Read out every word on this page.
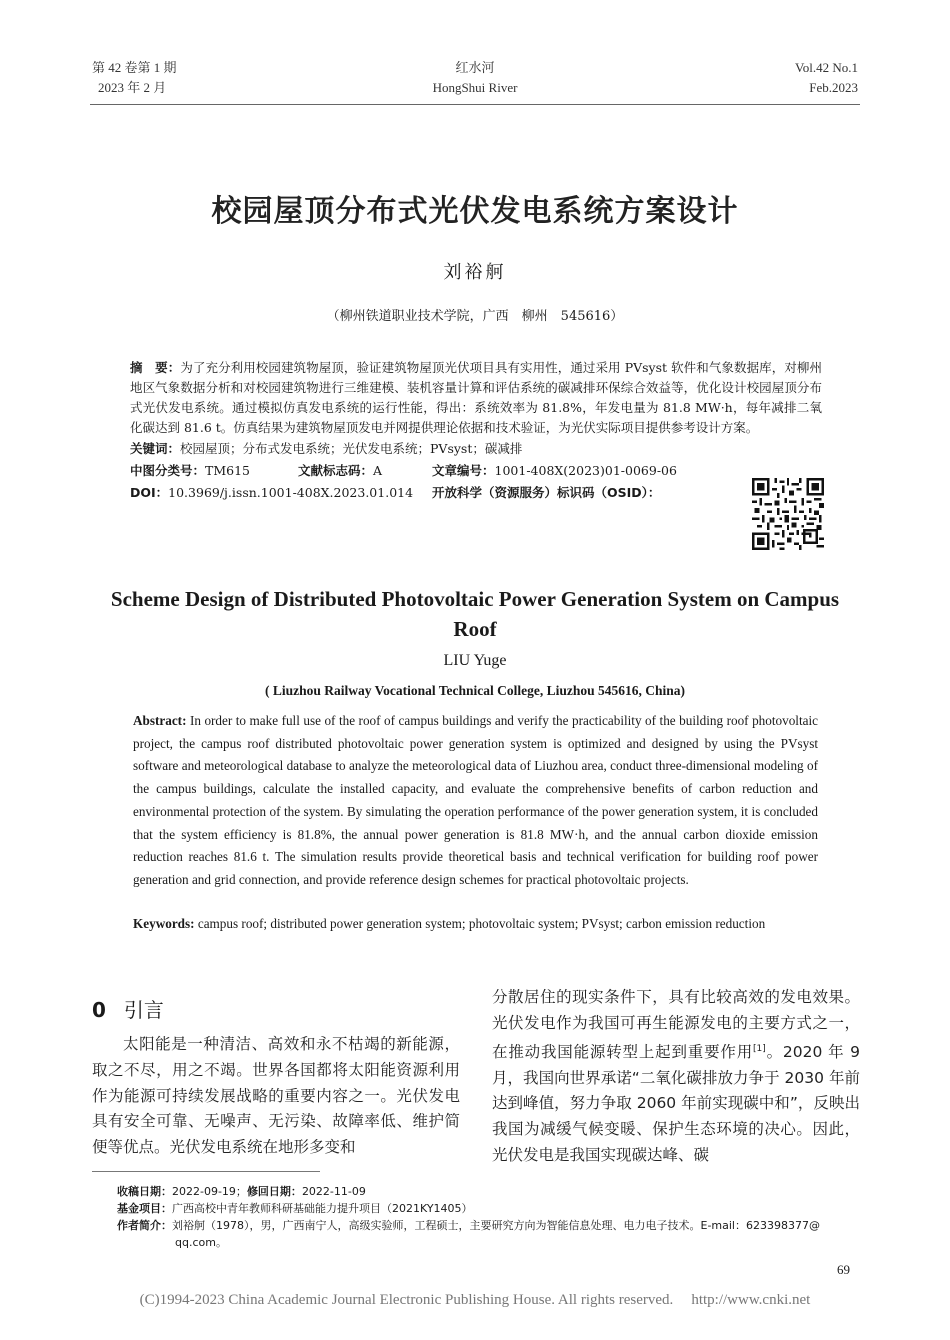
第 42 卷第 1 期
2023 年 2 月
红水河
HongShui River
Vol.42 No.1
Feb.2023
校园屋顶分布式光伏发电系统方案设计
刘裕舸
（柳州铁道职业技术学院，广西　柳州　545616）
摘　要：为了充分利用校园建筑物屋顶，验证建筑物屋顶光伏项目具有实用性，通过采用 PVsyst 软件和气象数据库，对柳州地区气象数据分析和对校园建筑物进行三维建模、装机容量计算和评估系统的碳减排环保综合效益等，优化设计校园屋顶分布式光伏发电系统。通过模拟仿真发电系统的运行性能，得出：系统效率为 81.8%，年发电量为 81.8 MW·h，每年减排二氧化碳达到 81.6 t。仿真结果为建筑物屋顶发电并网提供理论依据和技术验证，为光伏实际项目提供参考设计方案。
关键词：校园屋顶；分布式发电系统；光伏发电系统；PVsyst；碳减排
中图分类号：TM615	文献标志码：A	文章编号：1001-408X(2023)01-0069-06
DOI：10.3969/j.issn.1001-408X.2023.01.014 开放科学（资源服务）标识码（OSID）：
Scheme Design of Distributed Photovoltaic Power Generation System on Campus Roof
LIU Yuge
( Liuzhou Railway Vocational Technical College, Liuzhou 545616, China)
Abstract: In order to make full use of the roof of campus buildings and verify the practicability of the building roof photovoltaic project, the campus roof distributed photovoltaic power generation system is optimized and designed by using the PVsyst software and meteorological database to analyze the meteorological data of Liuzhou area, conduct three-dimensional modeling of the campus buildings, calculate the installed capacity, and evaluate the comprehensive benefits of carbon reduction and environmental protection of the system. By simulating the operation performance of the power generation system, it is concluded that the system efficiency is 81.8%, the annual power generation is 81.8 MW·h, and the annual carbon dioxide emission reduction reaches 81.6 t. The simulation results provide theoretical basis and technical verification for building roof power generation and grid connection, and provide reference design schemes for practical photovoltaic projects.
Keywords: campus roof; distributed power generation system; photovoltaic system; PVsyst; carbon emission reduction
0 引言
太阳能是一种清洁、高效和永不枯竭的新能源，取之不尽，用之不竭。世界各国都将太阳能资源利用作为能源可持续发展战略的重要内容之一。光伏发电具有安全可靠、无噪声、无污染、故障率低、维护简便等优点。光伏发电系统在地形多变和
分散居住的现实条件下，具有比较高效的发电效果。光伏发电作为我国可再生能源发电的主要方式之一，在推动我国能源转型上起到重要作用[1]。2020 年 9 月，我国向世界承诺“二氧化碳排放力争于 2030 年前达到峰值，努力争取 2060 年前实现碳中和”，反映出我国为减缓气候变暖、保护生态环境的决心。因此，光伏发电是我国实现碳达峰、碳
收稿日期：2022-09-19；修回日期：2022-11-09
基金项目：广西高校中青年教师科研基础能力提升项目（2021KY1405）
作者简介：刘裕舸（1978），男，广西南宁人，高级实验师，工程硕士，主要研究方向为智能信息处理、电力电子技术。E-mail：623398377@ qq.com。
69
(C)1994-2023 China Academic Journal Electronic Publishing House. All rights reserved. http://www.cnki.net
